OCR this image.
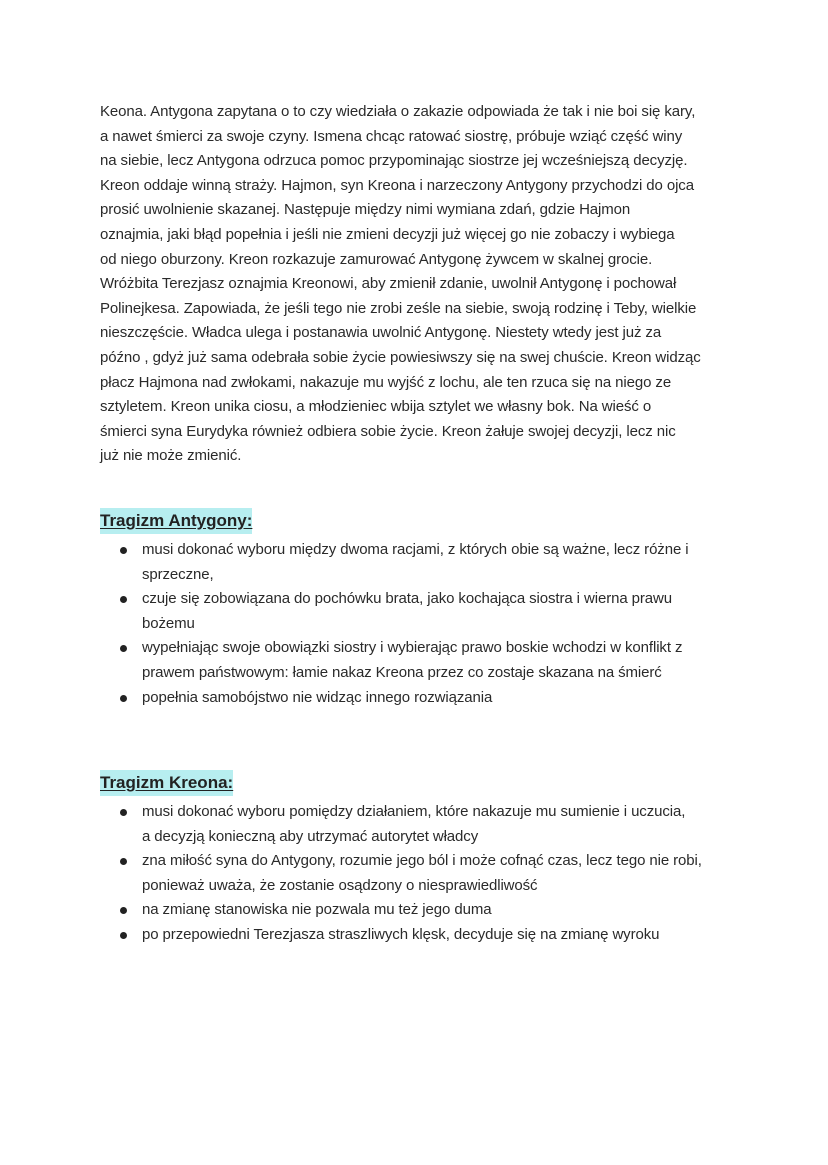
Keona. Antygona zapytana o to czy wiedziała o zakazie odpowiada że tak i nie boi się kary,
a nawet śmierci za swoje czyny. Ismena chcąc ratować siostrę, próbuje wziąć część winy
na siebie, lecz Antygona odrzuca pomoc przypominając siostrze jej wcześniejszą decyzję.
Kreon oddaje winną straży. Hajmon, syn Kreona i narzeczony Antygony przychodzi do ojca
prosić uwolnienie skazanej. Następuje między nimi wymiana zdań, gdzie Hajmon
oznajmia, jaki błąd popełnia i jeśli nie zmieni decyzji już więcej go nie zobaczy i wybiega
od niego oburzony. Kreon rozkazuje zamurować Antygonę żywcem w skalnej grocie.
Wróżbita Terezjasz oznajmia Kreonowi, aby zmienił zdanie, uwolnił Antygonę i pochował
Polinejkesa. Zapowiada, że jeśli tego nie zrobi ześle na siebie, swoją rodzinę i Teby, wielkie
nieszczęście. Władca ulega i postanawia uwolnić Antygonę. Niestety wtedy jest już za
późno , gdyż już sama odebrała sobie życie powiesiwszy się na swej chuście. Kreon widząc
płacz Hajmona nad zwłokami, nakazuje mu wyjść z lochu, ale ten rzuca się na niego ze
sztyletem. Kreon unika ciosu, a młodzieniec wbija sztylet we własny bok. Na wieść o
śmierci syna Eurydyka również odbiera sobie życie. Kreon żałuje swojej decyzji, lecz nic
już nie może zmienić.
Tragizm Antygony:
musi dokonać wyboru między dwoma racjami, z których obie są ważne, lecz różne i
sprzeczne,
czuje się zobowiązana do pochówku brata, jako kochająca siostra i wierna prawu
bożemu
wypełniając swoje obowiązki siostry i wybierając prawo boskie wchodzi w konflikt z
prawem państwowym: łamie nakaz Kreona przez co zostaje skazana na śmierć
popełnia samobójstwo nie widząc innego rozwiązania
Tragizm Kreona:
musi dokonać wyboru pomiędzy działaniem, które nakazuje mu sumienie i uczucia,
a decyzją konieczną aby utrzymać autorytet władcy
zna miłość syna do Antygony, rozumie jego ból i może cofnąć czas, lecz tego nie robi,
ponieważ uważa, że zostanie osądzony o niesprawiedliwość
na zmianę stanowiska nie pozwala mu też jego duma
po przepowiedni Terezjasza straszliwych klęsk, decyduje się na zmianę wyroku
